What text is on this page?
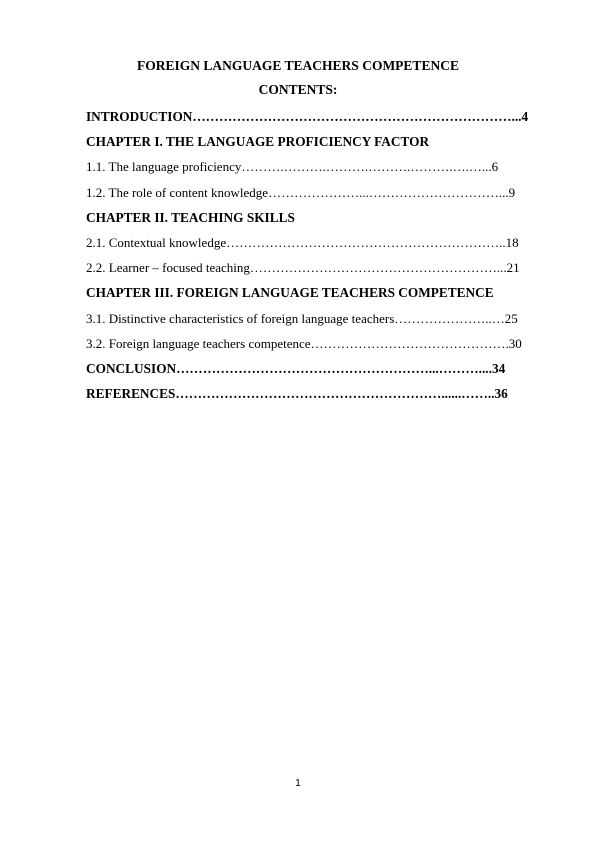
FOREIGN LANGUAGE TEACHERS COMPETENCE
CONTENTS:
INTRODUCTION………………………………………………………………...4
CHAPTER I. THE LANGUAGE PROFICIENCY FACTOR
1.1. The language proficiency……….……….……….……….……….….…...6
1.2. The role of content knowledge…………………...…………………………...9
CHAPTER II. TEACHING SKILLS
2.1. Contextual knowledge………………………………………………………..18
2.2. Learner – focused teaching…………………………………………………...21
CHAPTER III. FOREIGN LANGUAGE TEACHERS COMPETENCE
3.1. Distinctive characteristics of foreign language teachers…………………..…25
3.2. Foreign language teachers competence……………………………………….30
CONCLUSION…………………………………………………...………....34
REFERENCES……………………………………………………......……..36
1
